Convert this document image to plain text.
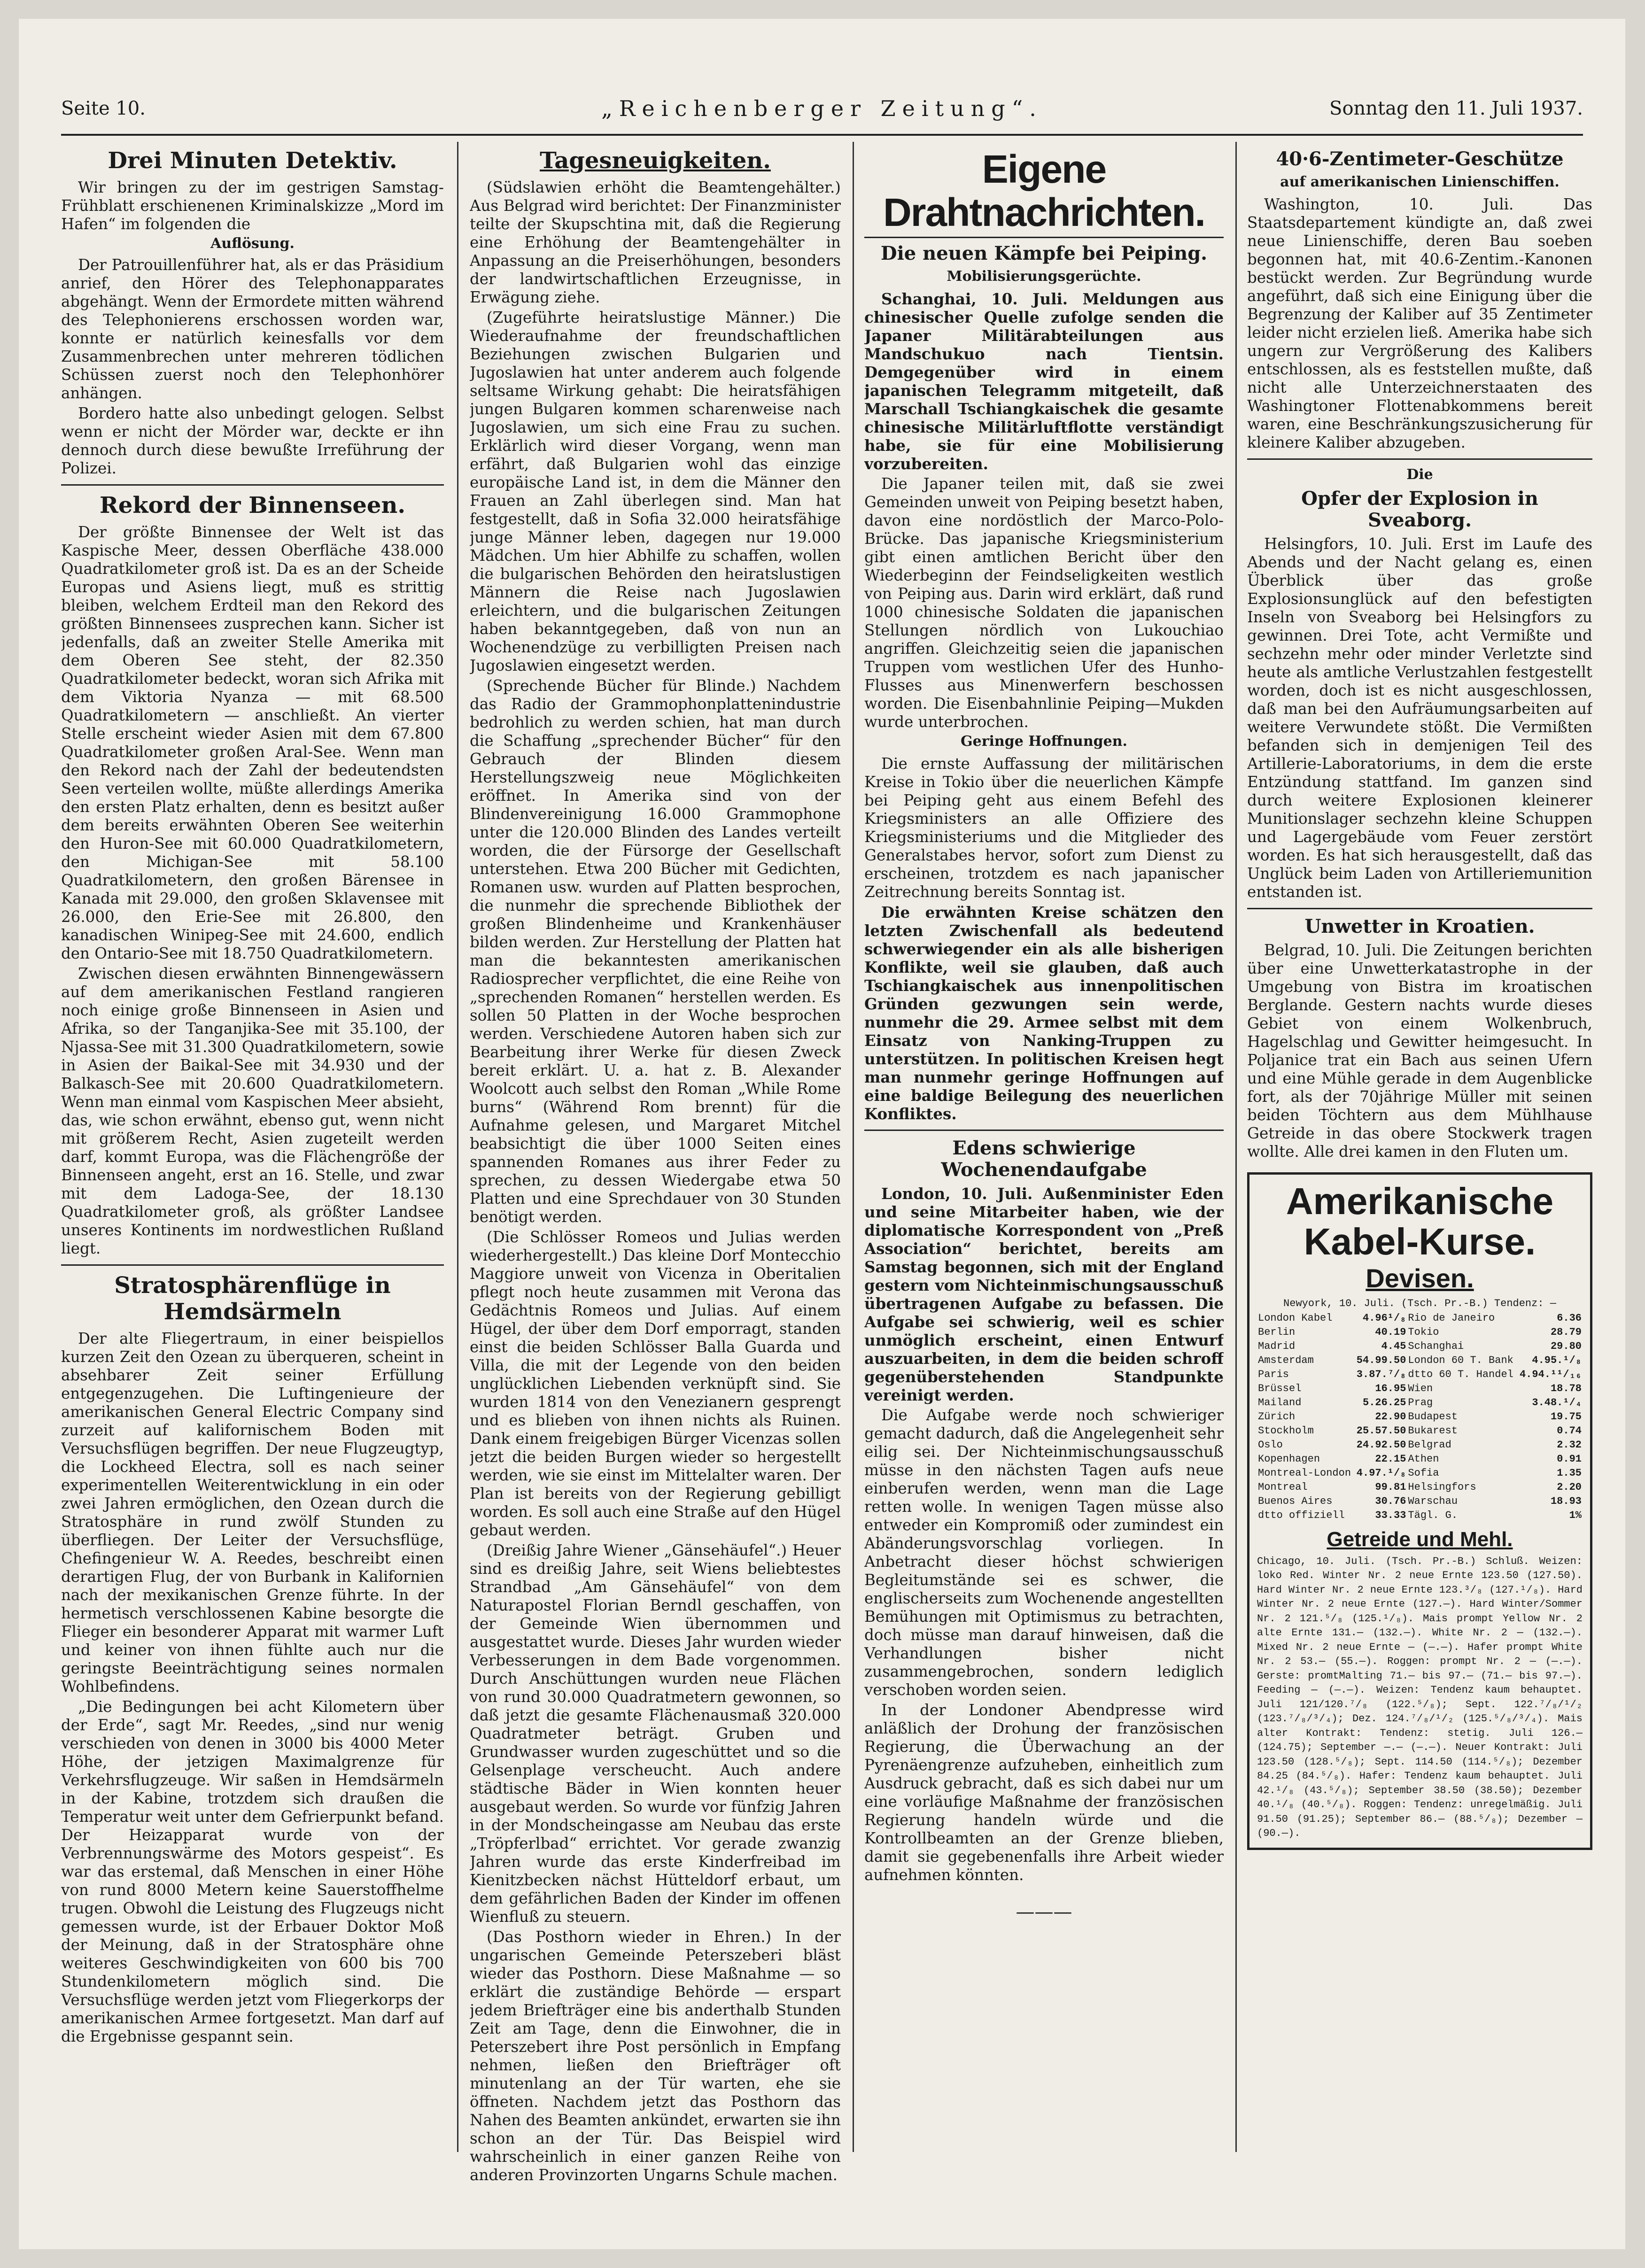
Seite 10.	„Reichenberger Zeitung“.	Sonntag den 11. Juli 1937.
Drei Minuten Detektiv.

Wir bringen zu der im gestrigen Samstag-Frühblatt erschienenen Kriminalskizze „Mord im Hafen“ im folgenden die

Auflösung.

Der Patrouillenführer hat, als er das Präsidium anrief, den Hörer des Telephonapparates abgehängt. Wenn der Ermordete mitten während des Telephonierens erschossen worden war, konnte er natürlich keinesfalls vor dem Zusammenbrechen unter mehreren tödlichen Schüssen zuerst noch den Telephonhörer anhängen.

Bordero hatte also unbedingt gelogen. Selbst wenn er nicht der Mörder war, deckte er ihn dennoch durch diese bewußte Irreführung der Polizei.

Rekord der Binnenseen.

Der größte Binnensee der Welt ist das Kaspische Meer, dessen Oberfläche 438.000 Quadratkilometer groß ist. Da es an der Scheide Europas und Asiens liegt, muß es strittig bleiben, welchem Erdteil man den Rekord des größten Binnensees zusprechen kann. Sicher ist jedenfalls, daß an zweiter Stelle Amerika mit dem Oberen See steht, der 82.350 Quadratkilometer bedeckt, woran sich Afrika mit dem Viktoria Nyanza — mit 68.500 Quadratkilometern — anschließt. An vierter Stelle erscheint wieder Asien mit dem 67.800 Quadratkilometer großen Aral-See. Wenn man den Rekord nach der Zahl der bedeutendsten Seen verteilen wollte, müßte allerdings Amerika den ersten Platz erhalten, denn es besitzt außer dem bereits erwähnten Oberen See weiterhin den Huron-See mit 60.000 Quadratkilometern, den Michigan-See mit 58.100 Quadratkilometern, den großen Bärensee in Kanada mit 29.000, den großen Sklavensee mit 26.000, den Erie-See mit 26.800, den kanadischen Winipeg-See mit 24.600, endlich den Ontario-See mit 18.750 Quadratkilometern.

Zwischen diesen erwähnten Binnengewässern auf dem amerikanischen Festland rangieren noch einige große Binnenseen in Asien und Afrika, so der Tanganjika-See mit 35.100, der Njassa-See mit 31.300 Quadratkilometern, sowie in Asien der Baikal-See mit 34.930 und der Balkasch-See mit 20.600 Quadratkilometern. Wenn man einmal vom Kaspischen Meer absieht, das, wie schon erwähnt, ebenso gut, wenn nicht mit größerem Recht, Asien zugeteilt werden darf, kommt Europa, was die Flächengröße der Binnenseen angeht, erst an 16. Stelle, und zwar mit dem Ladoga-See, der 18.130 Quadratkilometer groß, als größter Landsee unseres Kontinents im nordwestlichen Rußland liegt.

Stratosphärenflüge in Hemdsärmeln

Der alte Fliegertraum, in einer beispiellos kurzen Zeit den Ozean zu überqueren, scheint in absehbarer Zeit seiner Erfüllung entgegenzugehen. Die Luftingenieure der amerikanischen General Electric Company sind zurzeit auf kalifornischem Boden mit Versuchsflügen begriffen. Der neue Flugzeugtyp, die Lockheed Electra, soll es nach seiner experimentellen Weiterentwicklung in ein oder zwei Jahren ermöglichen, den Ozean durch die Stratosphäre in rund zwölf Stunden zu überfliegen. Der Leiter der Versuchsflüge, Chefingenieur W. A. Reedes, beschreibt einen derartigen Flug, der von Burbank in Kalifornien nach der mexikanischen Grenze führte. In der hermetisch verschlossenen Kabine besorgte die Flieger ein besonderer Apparat mit warmer Luft und keiner von ihnen fühlte auch nur die geringste Beeinträchtigung seines normalen Wohlbefindens.

„Die Bedingungen bei acht Kilometern über der Erde“, sagt Mr. Reedes, „sind nur wenig verschieden von denen in 3000 bis 4000 Meter Höhe, der jetzigen Maximalgrenze für Verkehrsflugzeuge. Wir saßen in Hemdsärmeln in der Kabine, trotzdem sich draußen die Temperatur weit unter dem Gefrierpunkt befand. Der Heizapparat wurde von der Verbrennungswärme des Motors gespeist“. Es war das erstemal, daß Menschen in einer Höhe von rund 8000 Metern keine Sauerstoffhelme trugen. Obwohl die Leistung des Flugzeugs nicht gemessen wurde, ist der Erbauer Doktor Moß der Meinung, daß in der Stratosphäre ohne weiteres Geschwindigkeiten von 600 bis 700 Stundenkilometern möglich sind. Die Versuchsflüge werden jetzt vom Fliegerkorps der amerikanischen Armee fortgesetzt. Man darf auf die Ergebnisse gespannt sein.

Tagesneuigkeiten.

(Südslawien erhöht die Beamtengehälter.) Aus Belgrad wird berichtet: Der Finanzminister teilte der Skupschtina mit, daß die Regierung eine Erhöhung der Beamtengehälter in Anpassung an die Preiserhöhungen, besonders der landwirtschaftlichen Erzeugnisse, in Erwägung ziehe.

(Zugeführte heiratslustige Männer.) Die Wiederaufnahme der freundschaftlichen Beziehungen zwischen Bulgarien und Jugoslawien hat unter anderem auch folgende seltsame Wirkung gehabt: Die heiratsfähigen jungen Bulgaren kommen scharenweise nach Jugoslawien, um sich eine Frau zu suchen. Erklärlich wird dieser Vorgang, wenn man erfährt, daß Bulgarien wohl das einzige europäische Land ist, in dem die Männer den Frauen an Zahl überlegen sind. Man hat festgestellt, daß in Sofia 32.000 heiratsfähige junge Männer leben, dagegen nur 19.000 Mädchen. Um hier Abhilfe zu schaffen, wollen die bulgarischen Behörden den heiratslustigen Männern die Reise nach Jugoslawien erleichtern, und die bulgarischen Zeitungen haben bekanntgegeben, daß von nun an Wochenendzüge zu verbilligten Preisen nach Jugoslawien eingesetzt werden.

(Sprechende Bücher für Blinde.) Nachdem das Radio der Grammophonplattenindustrie bedrohlich zu werden schien, hat man durch die Schaffung „sprechender Bücher“ für den Gebrauch der Blinden diesem Herstellungszweig neue Möglichkeiten eröffnet. In Amerika sind von der Blindenvereinigung 16.000 Grammophone unter die 120.000 Blinden des Landes verteilt worden, die der Fürsorge der Gesellschaft unterstehen. Etwa 200 Bücher mit Gedichten, Romanen usw. wurden auf Platten besprochen, die nunmehr die sprechende Bibliothek der großen Blindenheime und Krankenhäuser bilden werden. Zur Herstellung der Platten hat man die bekanntesten amerikanischen Radiosprecher verpflichtet, die eine Reihe von „sprechenden Romanen“ herstellen werden. Es sollen 50 Platten in der Woche besprochen werden. Verschiedene Autoren haben sich zur Bearbeitung ihrer Werke für diesen Zweck bereit erklärt. U. a. hat z. B. Alexander Woolcott auch selbst den Roman „While Rome burns“ (Während Rom brennt) für die Aufnahme gelesen, und Margaret Mitchel beabsichtigt die über 1000 Seiten eines spannenden Romanes aus ihrer Feder zu sprechen, zu dessen Wiedergabe etwa 50 Platten und eine Sprechdauer von 30 Stunden benötigt werden.

(Die Schlösser Romeos und Julias werden wiederhergestellt.) Das kleine Dorf Montecchio Maggiore unweit von Vicenza in Oberitalien pflegt noch heute zusammen mit Verona das Gedächtnis Romeos und Julias. Auf einem Hügel, der über dem Dorf emporragt, standen einst die beiden Schlösser Balla Guarda und Villa, die mit der Legende von den beiden unglücklichen Liebenden verknüpft sind. Sie wurden 1814 von den Venezianern gesprengt und es blieben von ihnen nichts als Ruinen. Dank einem freigebigen Bürger Vicenzas sollen jetzt die beiden Burgen wieder so hergestellt werden, wie sie einst im Mittelalter waren. Der Plan ist bereits von der Regierung gebilligt worden. Es soll auch eine Straße auf den Hügel gebaut werden.

(Dreißig Jahre Wiener „Gänsehäufel“.) Heuer sind es dreißig Jahre, seit Wiens beliebtestes Strandbad „Am Gänsehäufel“ von dem Naturapostel Florian Berndl geschaffen, von der Gemeinde Wien übernommen und ausgestattet wurde. Dieses Jahr wurden wieder Verbesserungen in dem Bade vorgenommen. Durch Anschüttungen wurden neue Flächen von rund 30.000 Quadratmetern gewonnen, so daß jetzt die gesamte Flächenausmaß 320.000 Quadratmeter beträgt. Gruben und Grundwasser wurden zugeschüttet und so die Gelsenplage verscheucht. Auch andere städtische Bäder in Wien konnten heuer ausgebaut werden. So wurde vor fünfzig Jahren in der Mondscheingasse am Neubau das erste „Tröpferlbad“ errichtet. Vor gerade zwanzig Jahren wurde das erste Kinderfreibad im Kienitzbecken nächst Hütteldorf erbaut, um dem gefährlichen Baden der Kinder im offenen Wienfluß zu steuern.

(Das Posthorn wieder in Ehren.) In der ungarischen Gemeinde Peterszeberi bläst wieder das Posthorn. Diese Maßnahme — so erklärt die zuständige Behörde — erspart jedem Briefträger eine bis anderthalb Stunden Zeit am Tage, denn die Einwohner, die in Peterszebert ihre Post persönlich in Empfang nehmen, ließen den Briefträger oft minutenlang an der Tür warten, ehe sie öffneten. Nachdem jetzt das Posthorn das Nahen des Beamten ankündet, erwarten sie ihn schon an der Tür. Das Beispiel wird wahrscheinlich in einer ganzen Reihe von anderen Provinzorten Ungarns Schule machen.

Eigene Drahtnachrichten.
Die neuen Kämpfe bei Peiping.
Mobilisierungsgerüchte.

Schanghai, 10. Juli. Meldungen aus chinesischer Quelle zufolge senden die Japaner Militärabteilungen aus Mandschukuo nach Tientsin. Demgegenüber wird in einem japanischen Telegramm mitgeteilt, daß Marschall Tschiangkaischek die gesamte chinesische Militärluftflotte verständigt habe, sie für eine Mobilisierung vorzubereiten.

Die Japaner teilen mit, daß sie zwei Gemeinden unweit von Peiping besetzt haben, davon eine nordöstlich der Marco-Polo-Brücke. Das japanische Kriegsministerium gibt einen amtlichen Bericht über den Wiederbeginn der Feindseligkeiten westlich von Peiping aus. Darin wird erklärt, daß rund 1000 chinesische Soldaten die japanischen Stellungen nördlich von Lukouchiao angriffen. Gleichzeitig seien die japanischen Truppen vom westlichen Ufer des Hunho-Flusses aus Minenwerfern beschossen worden. Die Eisenbahnlinie Peiping—Mukden wurde unterbrochen.

Geringe Hoffnungen.

Die ernste Auffassung der militärischen Kreise in Tokio über die neuerlichen Kämpfe bei Peiping geht aus einem Befehl des Kriegsministers an alle Offiziere des Kriegsministeriums und die Mitglieder des Generalstabes hervor, sofort zum Dienst zu erscheinen, trotzdem es nach japanischer Zeitrechnung bereits Sonntag ist.

Die erwähnten Kreise schätzen den letzten Zwischenfall als bedeutend schwerwiegender ein als alle bisherigen Konflikte, weil sie glauben, daß auch Tschiangkaischek aus innenpolitischen Gründen gezwungen sein werde, nunmehr die 29. Armee selbst mit dem Einsatz von Nanking-Truppen zu unterstützen. In politischen Kreisen hegt man nunmehr geringe Hoffnungen auf eine baldige Beilegung des neuerlichen Konfliktes.

Edens schwierige Wochenendaufgabe

London, 10. Juli. Außenminister Eden und seine Mitarbeiter haben, wie der diplomatische Korrespondent von „Preß Association“ berichtet, bereits am Samstag begonnen, sich mit der England gestern vom Nichteinmischungsausschuß übertragenen Aufgabe zu befassen. Die Aufgabe sei schwierig, weil es schier unmöglich erscheint, einen Entwurf auszuarbeiten, in dem die beiden schroff gegenüberstehenden Standpunkte vereinigt werden.

Die Aufgabe werde noch schwieriger gemacht dadurch, daß die Angelegenheit sehr eilig sei. Der Nichteinmischungsausschuß müsse in den nächsten Tagen aufs neue einberufen werden, wenn man die Lage retten wolle. In wenigen Tagen müsse also entweder ein Kompromiß oder zumindest ein Abänderungsvorschlag vorliegen. In Anbetracht dieser höchst schwierigen Begleitumstände sei es schwer, die englischerseits zum Wochenende angestellten Bemühungen mit Optimismus zu betrachten, doch müsse man darauf hinweisen, daß die Verhandlungen bisher nicht zusammengebrochen, sondern lediglich verschoben worden seien.

In der Londoner Abendpresse wird anläßlich der Drohung der französischen Regierung, die Überwachung an der Pyrenäengrenze aufzuheben, einheitlich zum Ausdruck gebracht, daß es sich dabei nur um eine vorläufige Maßnahme der französischen Regierung handeln würde und die Kontrollbeamten an der Grenze blieben, damit sie gegebenenfalls ihre Arbeit wieder aufnehmen könnten.

———
40·6-Zentimeter-Geschütze
auf amerikanischen Linienschiffen.

Washington, 10. Juli. Das Staatsdepartement kündigte an, daß zwei neue Linienschiffe, deren Bau soeben begonnen hat, mit 40.6-Zentim.-Kanonen bestückt werden. Zur Begründung wurde angeführt, daß sich eine Einigung über die Begrenzung der Kaliber auf 35 Zentimeter leider nicht erzielen ließ. Amerika habe sich ungern zur Vergrößerung des Kalibers entschlossen, als es feststellen mußte, daß nicht alle Unterzeichnerstaaten des Washingtoner Flottenabkommens bereit waren, eine Beschränkungszusicherung für kleinere Kaliber abzugeben.

Die
Opfer der Explosion in Sveaborg.

Helsingfors, 10. Juli. Erst im Laufe des Abends und der Nacht gelang es, einen Überblick über das große Explosionsunglück auf den befestigten Inseln von Sveaborg bei Helsingfors zu gewinnen. Drei Tote, acht Vermißte und sechzehn mehr oder minder Verletzte sind heute als amtliche Verlustzahlen festgestellt worden, doch ist es nicht ausgeschlossen, daß man bei den Aufräumungsarbeiten auf weitere Verwundete stößt. Die Vermißten befanden sich in demjenigen Teil des Artillerie-Laboratoriums, in dem die erste Entzündung stattfand. Im ganzen sind durch weitere Explosionen kleinerer Munitionslager sechzehn kleine Schuppen und Lagergebäude vom Feuer zerstört worden. Es hat sich herausgestellt, daß das Unglück beim Laden von Artilleriemunition entstanden ist.

Unwetter in Kroatien.

Belgrad, 10. Juli. Die Zeitungen berichten über eine Unwetterkatastrophe in der Umgebung von Bistra im kroatischen Berglande. Gestern nachts wurde dieses Gebiet von einem Wolkenbruch, Hagelschlag und Gewitter heimgesucht. In Poljanice trat ein Bach aus seinen Ufern und eine Mühle gerade in dem Augenblicke fort, als der 70jährige Müller mit seinen beiden Töchtern aus dem Mühlhause Getreide in das obere Stockwerk tragen wollte. Alle drei kamen in den Fluten um.

Amerikanische Kabel-Kurse.
Devisen.
Newyork, 10. Juli. (Tsch. Pr.-B.) Tendenz: —
London Kabel	4.96¹/₈	Rio de Janeiro	6.36
Berlin	40.19	Tokio	28.79
Madrid	4.45	Schanghai	29.80
Amsterdam	54.99.50	London 60 T. Bank	4.95.¹/₈
Paris	3.87.⁷/₈	dtto 60 T. Handel	4.94.¹¹/₁₆
Brüssel	16.95	Wien	18.78
Mailand	5.26.25	Prag	3.48.¹/₄
Zürich	22.90	Budapest	19.75
Stockholm	25.57.50	Bukarest	0.74
Oslo	24.92.50	Belgrad	2.32
Kopenhagen	22.15	Athen	0.91
Montreal-London	4.97.¹/₈	Sofia	1.35
Montreal	99.81	Helsingfors	2.20
Buenos Aires	30.76	Warschau	18.93
dtto offiziell	33.33	Tägl. G.	1%
Getreide und Mehl.
Chicago, 10. Juli. (Tsch. Pr.-B.) Schluß. Weizen: loko Red. Winter Nr. 2 neue Ernte 123.50 (127.50). Hard Winter Nr. 2 neue Ernte 123.³/₈ (127.¹/₈). Hard Winter Nr. 2 neue Ernte (127.—). Hard Winter/Sommer Nr. 2 121.⁵/₈ (125.¹/₈). Mais prompt Yellow Nr. 2 alte Ernte 131.— (132.—). White Nr. 2 — (132.—). Mixed Nr. 2 neue Ernte — (—.—). Hafer prompt White Nr. 2 53.— (55.—). Roggen: prompt Nr. 2 — (—.—). Gerste: promtMalting 71.— bis 97.— (71.— bis 97.—). Feeding — (—.—). Weizen: Tendenz kaum behauptet. Juli 121/120.⁷/₈ (122.⁵/₈); Sept. 122.⁷/₈/¹/₂ (123.⁷/₈/³/₄); Dez. 124.⁷/₈/¹/₂ (125.⁵/₈/³/₄). Mais alter Kontrakt: Tendenz: stetig. Juli 126.— (124.75); September —.— (—.—). Neuer Kontrakt: Juli 123.50 (128.⁵/₈); Sept. 114.50 (114.⁵/₈); Dezember 84.25 (84.⁵/₈). Hafer: Tendenz kaum behauptet. Juli 42.¹/₈ (43.⁵/₈); September 38.50 (38.50); Dezember 40.¹/₈ (40.⁵/₈). Roggen: Tendenz: unregelmäßig. Juli 91.50 (91.25); September 86.— (88.⁵/₈); Dezember — (90.—).
